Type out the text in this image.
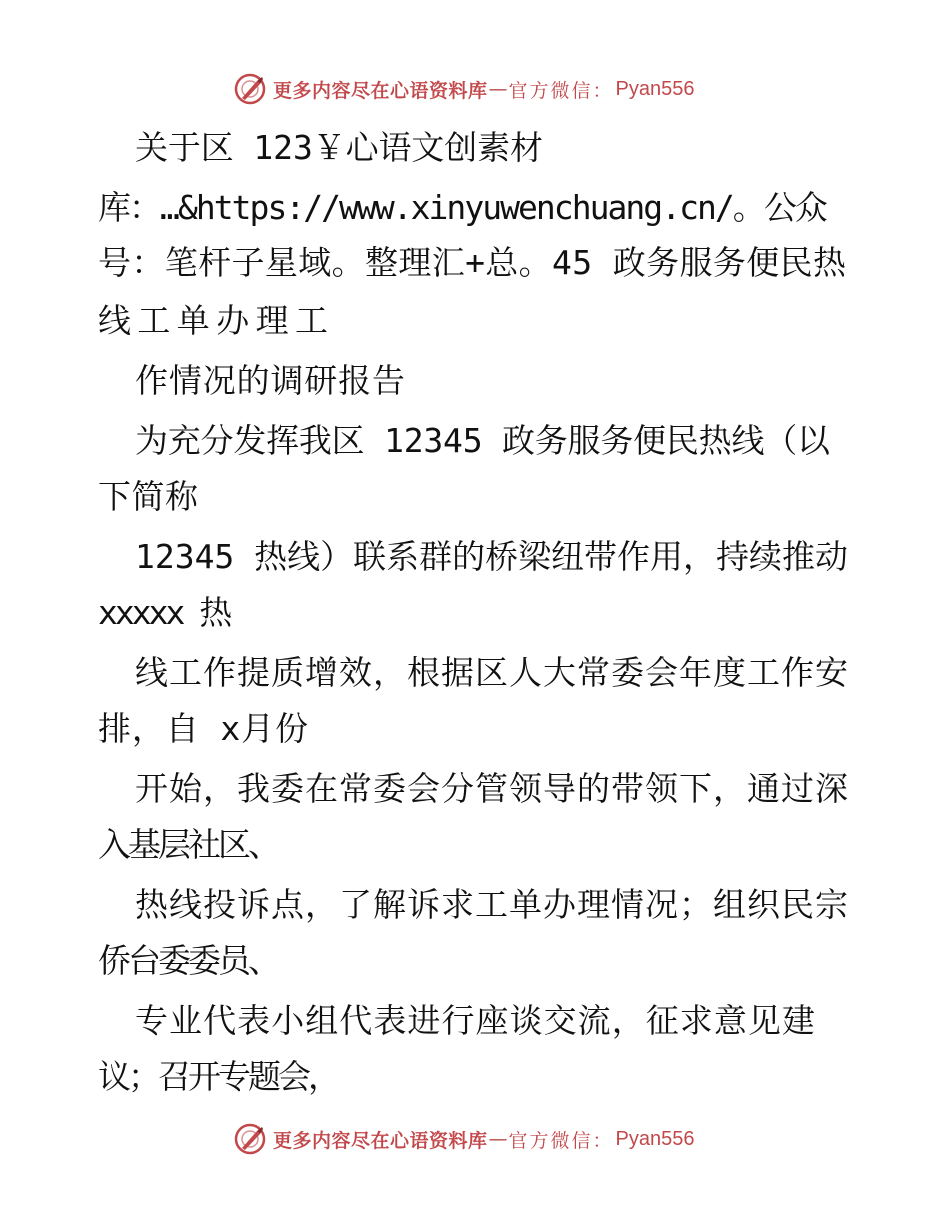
更多内容尽在心语资料库 — 官方微信： Pyan556
关于区 123￥心语文创素材
库：…&https://www.xinyuwenchuang.cn/。公众
号：笔杆子星域。整理汇+总。45 政务服务便民热
线工单办理工
作情况的调研报告
为充分发挥我区 12345 政务服务便民热线（以
下简称
12345 热线）联系群的桥梁纽带作用，持续推动
xxxxx 热
线工作提质增效，根据区人大常委会年度工作安
排，自 x月份
开始，我委在常委会分管领导的带领下，通过深
入基层社区、
热线投诉点，了解诉求工单办理情况；组织民宗
侨台委委员、
专业代表小组代表进行座谈交流，征求意见建
议；召开专题会，
更多内容尽在心语资料库 — 官方微信： Pyan556
